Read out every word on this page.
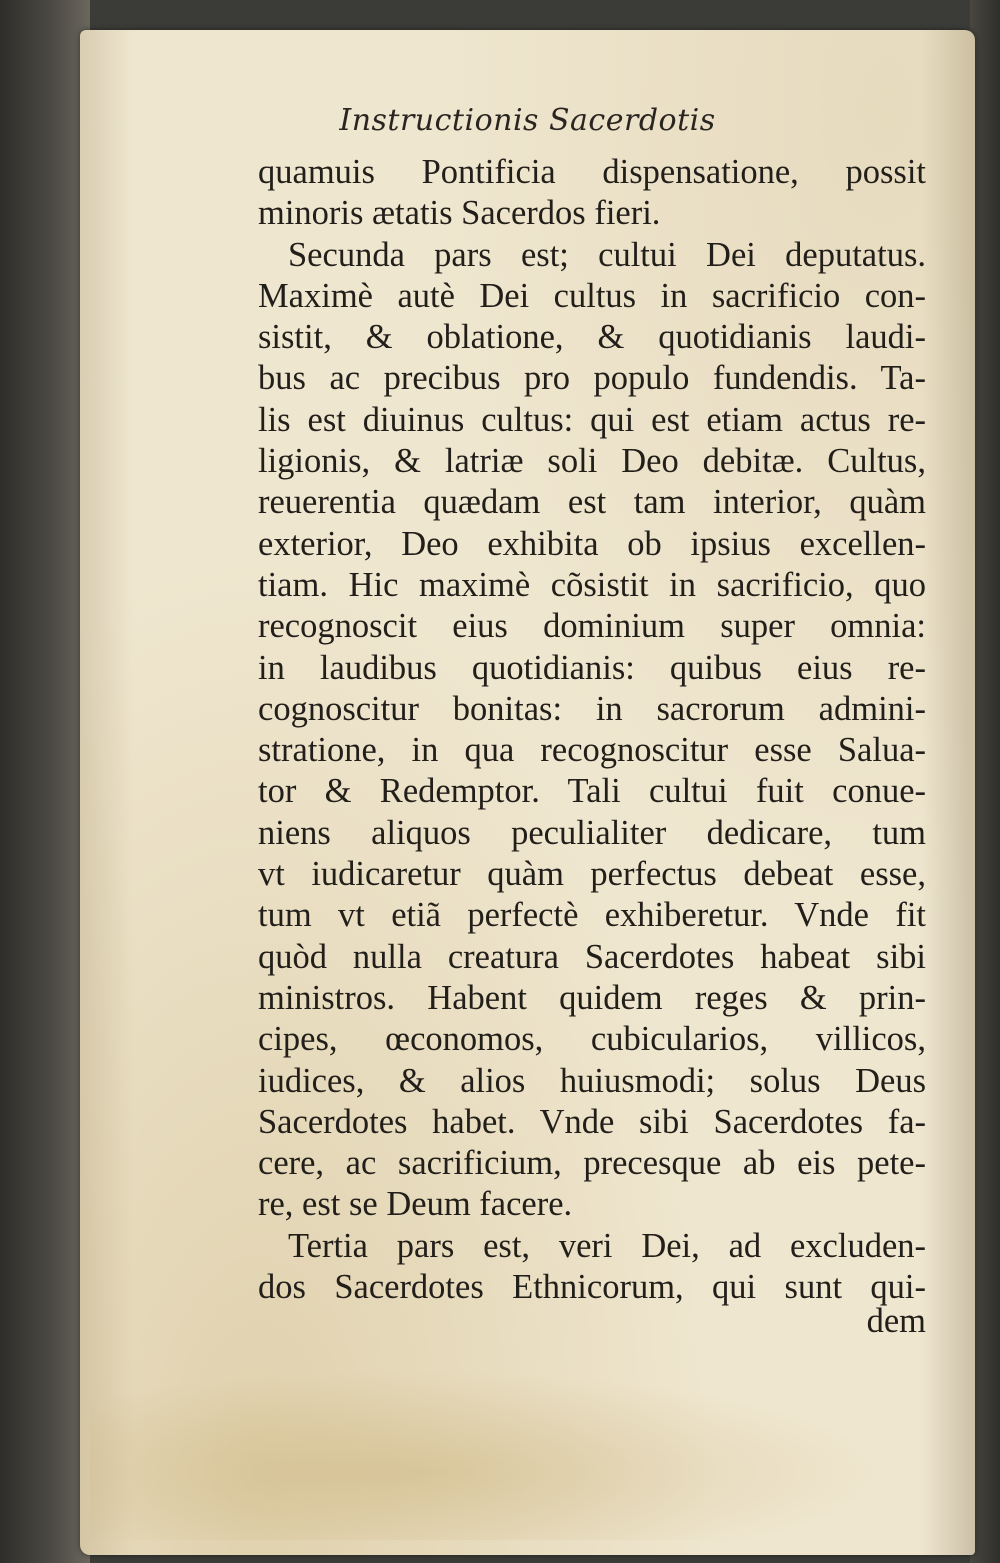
Instructionis Sacerdotis
quamuis Pontificia dispensatione, possit
minoris ætatis Sacerdos fieri.
Secunda pars est; cultui Dei deputatus.
Maximè autè Dei cultus in sacrificio con-
sistit, & oblatione, & quotidianis laudi-
bus ac precibus pro populo fundendis. Ta-
lis est diuinus cultus: qui est etiam actus re-
ligionis, & latriæ soli Deo debitæ. Cultus,
reuerentia quædam est tam interior, quàm
exterior, Deo exhibita ob ipsius excellen-
tiam. Hic maximè cõsistit in sacrificio, quo
recognoscit eius dominium super omnia:
in laudibus quotidianis: quibus eius re-
cognoscitur bonitas: in sacrorum admini-
stratione, in qua recognoscitur esse Salua-
tor & Redemptor. Tali cultui fuit conue-
niens aliquos peculialiter dedicare, tum
vt iudicaretur quàm perfectus debeat esse,
tum vt etiã perfectè exhiberetur. Vnde fit
quòd nulla creatura Sacerdotes habeat sibi
ministros. Habent quidem reges & prin-
cipes, œconomos, cubicularios, villicos,
iudices, & alios huiusmodi; solus Deus
Sacerdotes habet. Vnde sibi Sacerdotes fa-
cere, ac sacrificium, precesque ab eis pete-
re, est se Deum facere.
Tertia pars est, veri Dei, ad excluden-
dos Sacerdotes Ethnicorum, qui sunt qui-
dem
